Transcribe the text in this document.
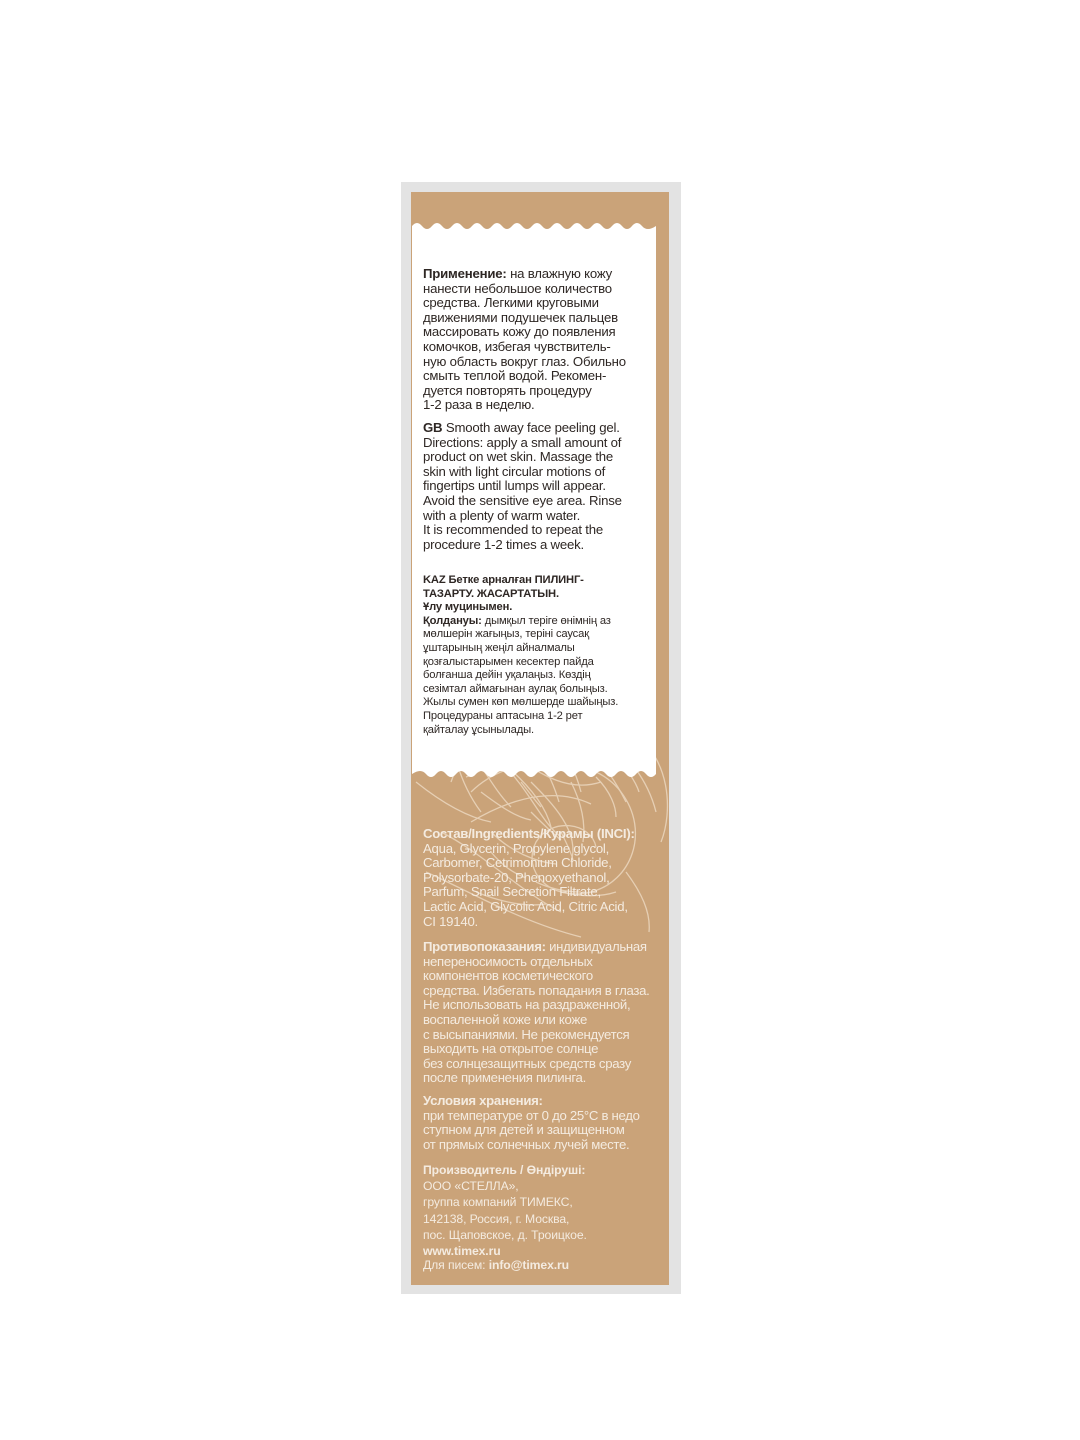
Применение: на влажную кожу
нанести небольшое количество
средства. Легкими круговыми
движениями подушечек пальцев
массировать кожу до появления
комочков, избегая чувствитель-
ную область вокруг глаз. Обильно
смыть теплой водой. Рекомен-
дуется повторять процедуру
1-2 раза в неделю.

GB Smooth away face peeling gel.
Directions: apply a small amount of
product on wet skin. Massage the
skin with light circular motions of
fingertips until lumps will appear.
Avoid the sensitive eye area. Rinse
with a plenty of warm water.
It is recommended to repeat the
procedure 1-2 times a week.

KAZ Бетке арналған ПИЛИНГ-
ТАЗАРТУ. ЖАСАРТАТЫН.
Ұлу муцинымен.
Қолдануы: дымқыл теріге өнімнің аз
мөлшерін жағыңыз, теріні саусақ
ұштарының жеңіл айналмалы
қозғалыстарымен кесектер пайда
болғанша дейін уқалаңыз. Көздің
сезімтал аймағынан аулақ болыңыз.
Жылы сумен көп мөлшерде шайыңыз.
Процедураны аптасына 1-2 рет
қайталау ұсынылады.

Состав/Ingredients/Курамы (INCI):
Aqua, Glycerin, Propylene glycol,
Carbomer, Cetrimonium Chloride,
Polysorbate-20, Phenoxyethanol,
Parfum, Snail Secretion Filtrate,
Lactic Acid, Glycolic Acid, Citric Acid,
CI 19140.

Противопоказания: индивидуальная
непереносимость отдельных
компонентов косметического
средства. Избегать попадания в глаза.
Не использовать на раздраженной,
воспаленной коже или коже
с высыпаниями. Не рекомендуется
выходить на открытое солнце
без солнцезащитных средств сразу
после применения пилинга.

Условия хранения:
при температуре от 0 до 25°С в недо
ступном для детей и защищенном
от прямых солнечных лучей месте.

Производитель / Өндіруші:
ООО «СТЕЛЛА»,
группа компаний ТИМЕКС,
142138, Россия, г. Москва,
пос. Щаповское, д. Троицкое.
www.timex.ru

Для писем: info@timex.ru
